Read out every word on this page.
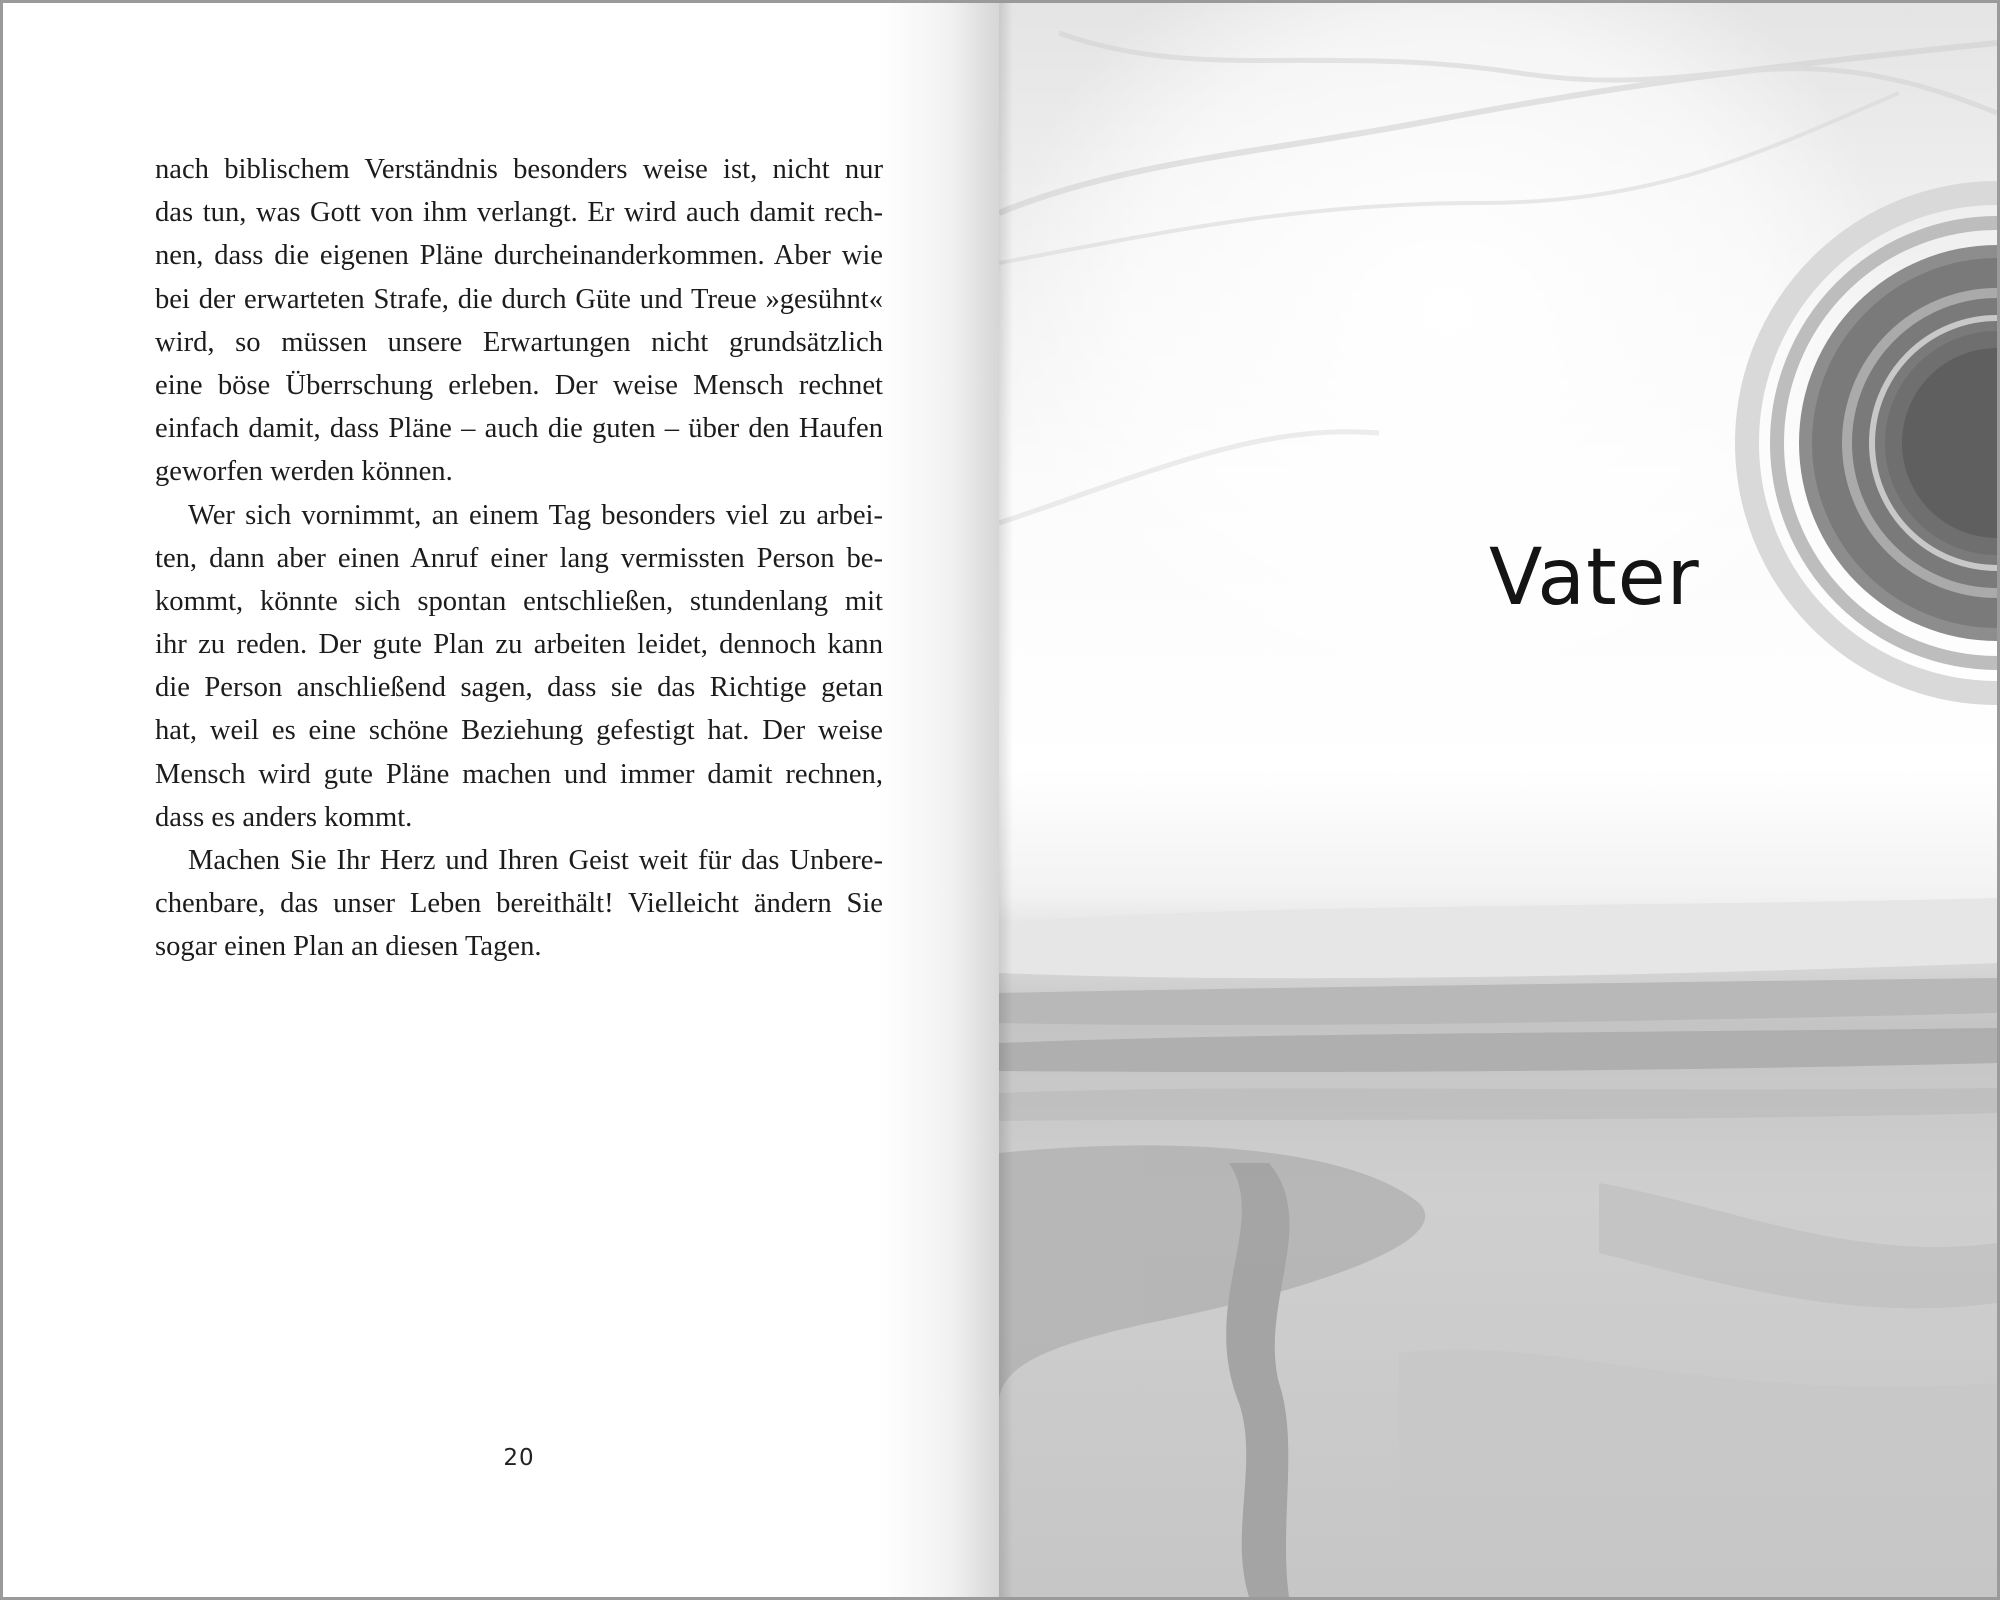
nach biblischem Verständnis besonders weise ist, nicht nur
das tun, was Gott von ihm verlangt. Er wird auch damit rech-
nen, dass die eigenen Pläne durcheinanderkommen. Aber wie
bei der erwarteten Strafe, die durch Güte und Treue »gesühnt«
wird, so müssen unsere Erwartungen nicht grundsätzlich
eine böse Überrschung erleben. Der weise Mensch rechnet
einfach damit, dass Pläne – auch die guten – über den Haufen
geworfen werden können.
Wer sich vornimmt, an einem Tag besonders viel zu arbei-
ten, dann aber einen Anruf einer lang vermissten Person be-
kommt, könnte sich spontan entschließen, stundenlang mit
ihr zu reden. Der gute Plan zu arbeiten leidet, dennoch kann
die Person anschließend sagen, dass sie das Richtige getan
hat, weil es eine schöne Beziehung gefestigt hat. Der weise
Mensch wird gute Pläne machen und immer damit rechnen,
dass es anders kommt.
Machen Sie Ihr Herz und Ihren Geist weit für das Unbere-
chenbare, das unser Leben bereithält! Vielleicht ändern Sie
sogar einen Plan an diesen Tagen.
20
Vater
